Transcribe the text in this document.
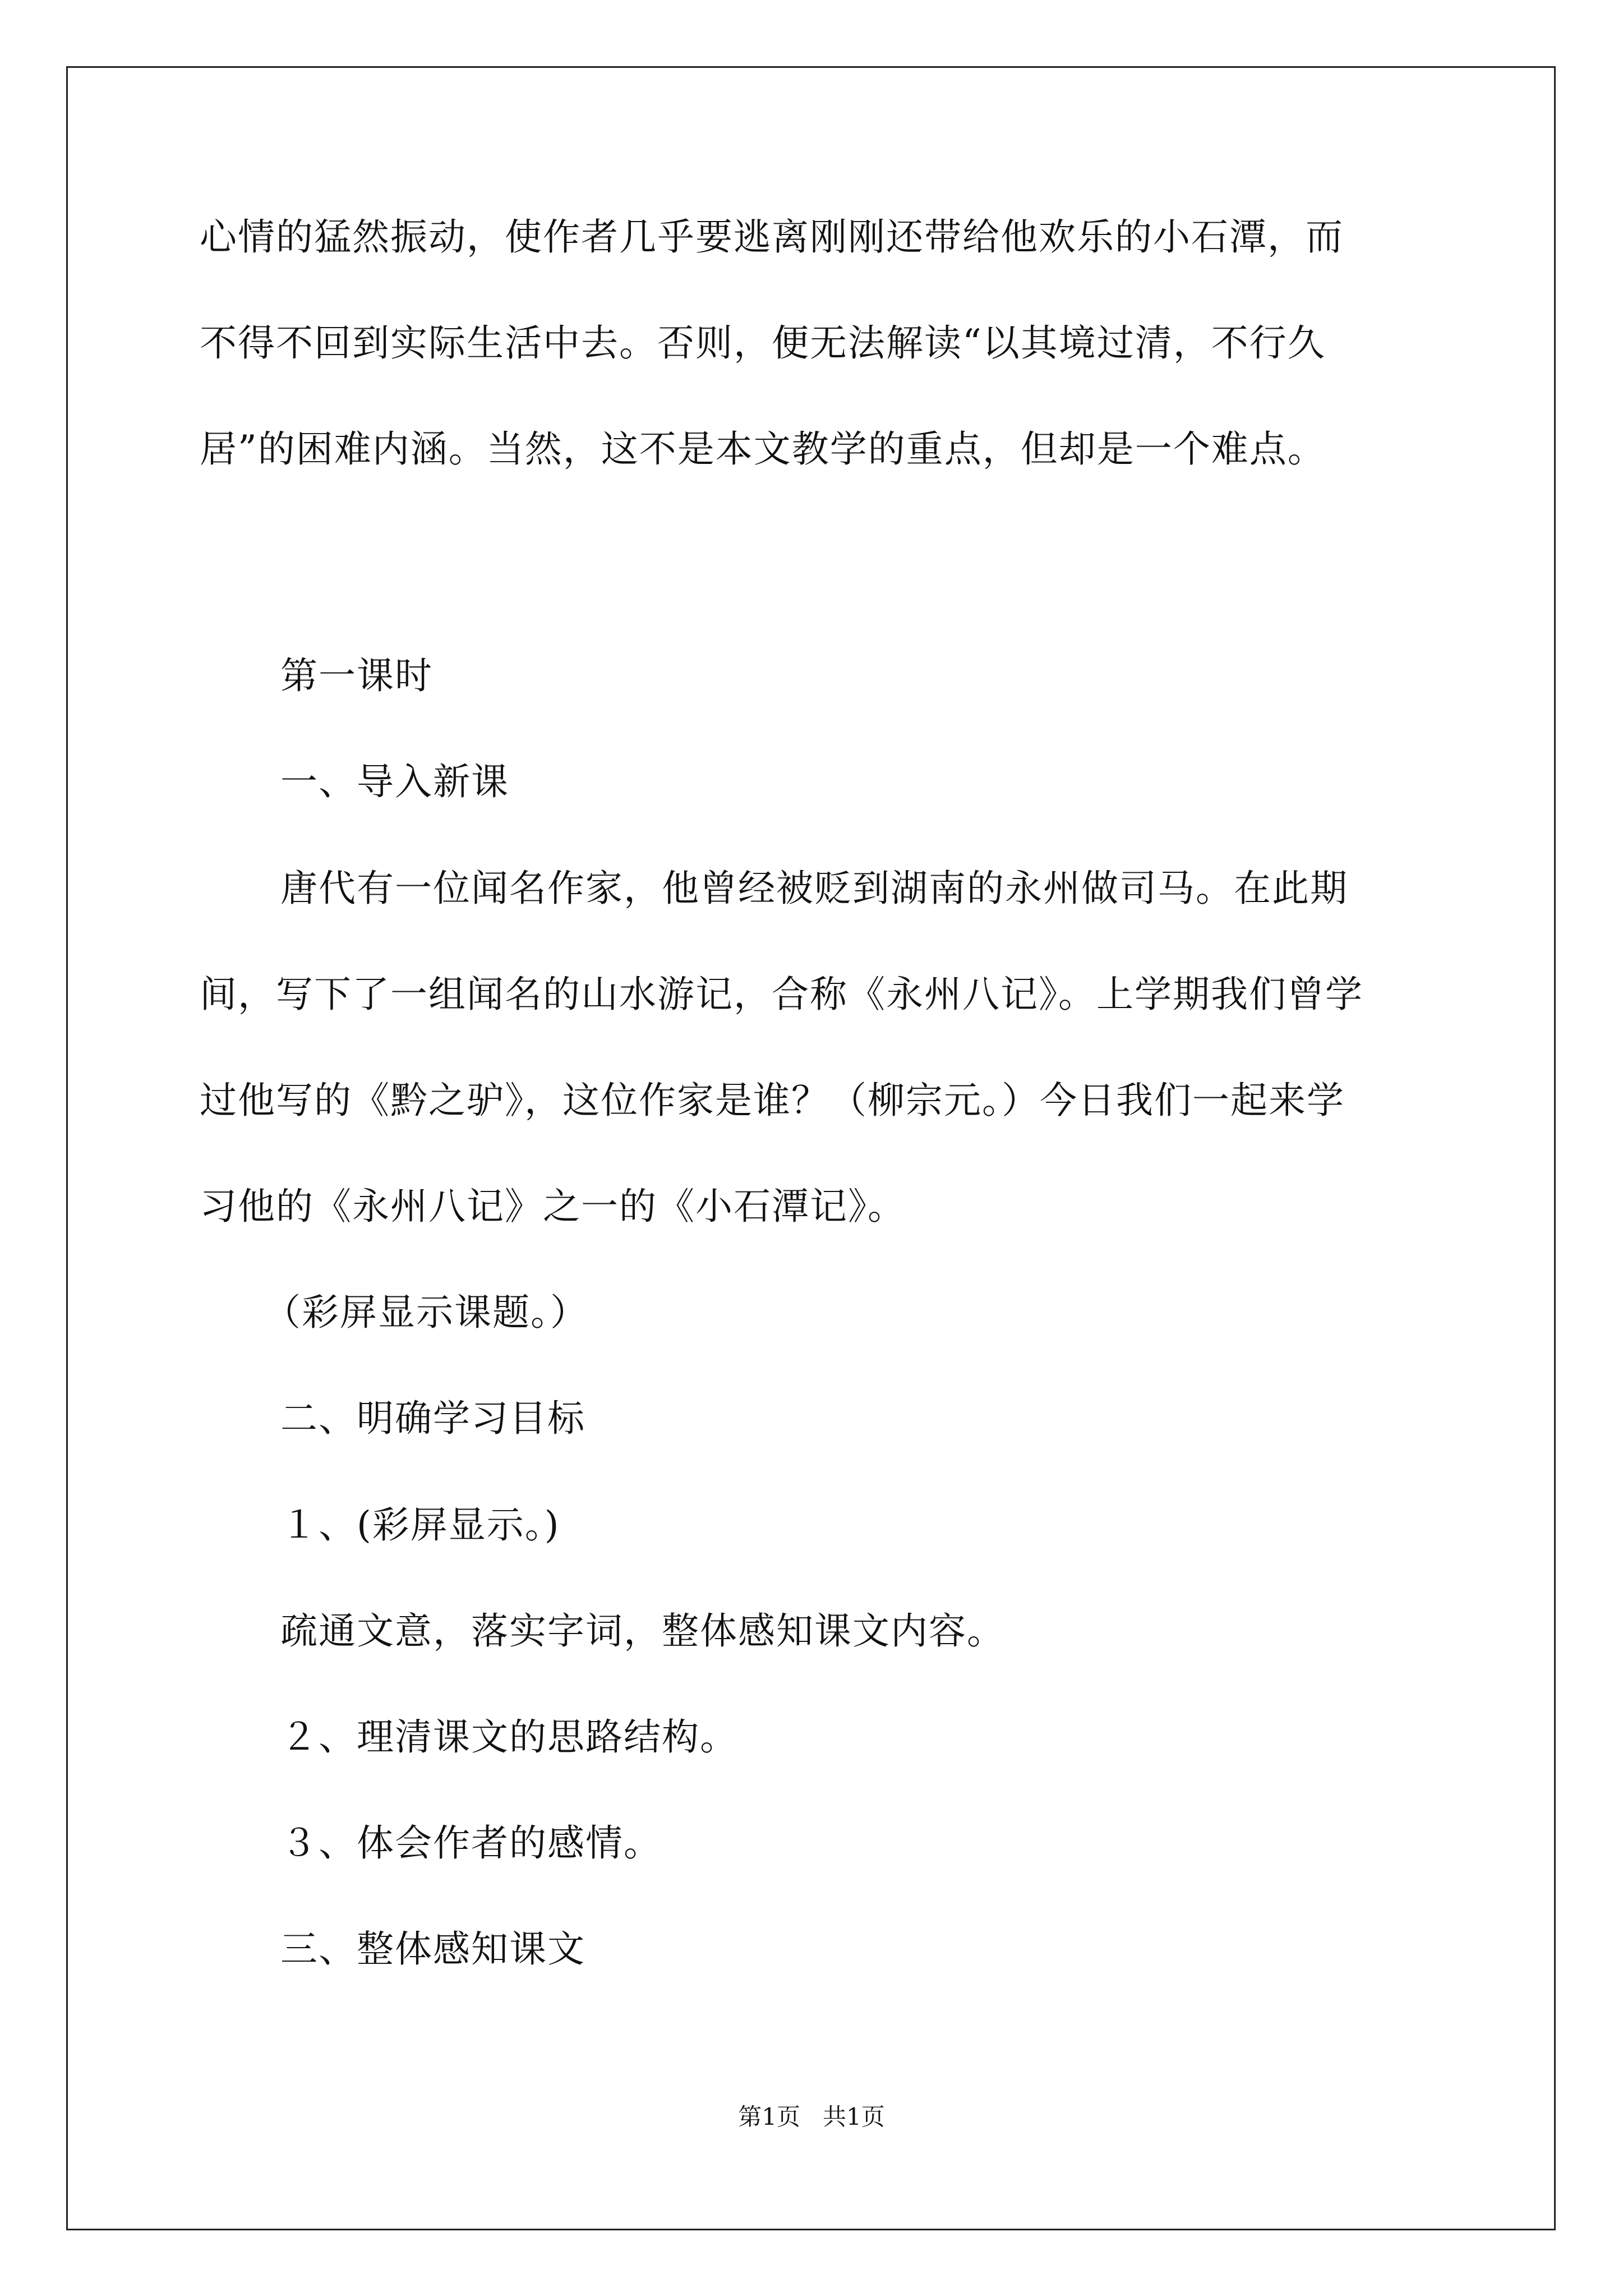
心情的猛然振动，使作者几乎要逃离刚刚还带给他欢乐的小石潭，而
不得不回到实际生活中去。否则，便无法解读“以其境过清，不行久
居”的困难内涵。当然，这不是本文教学的重点，但却是一个难点。
第一课时
一、导入新课
唐代有一位闻名作家，他曾经被贬到湖南的永州做司马。在此期
间，写下了一组闻名的山水游记，合称《永州八记》。上学期我们曾学
过他写的《黔之驴》，这位作家是谁？（柳宗元。）今日我们一起来学
习他的《永州八记》之一的《小石潭记》。
（彩屏显示课题。）
二、明确学习目标
１、(彩屏显示。)
疏通文意，落实字词，整体感知课文内容。
２、理清课文的思路结构。
３、体会作者的感情。
三、整体感知课文
第1页   共1页
